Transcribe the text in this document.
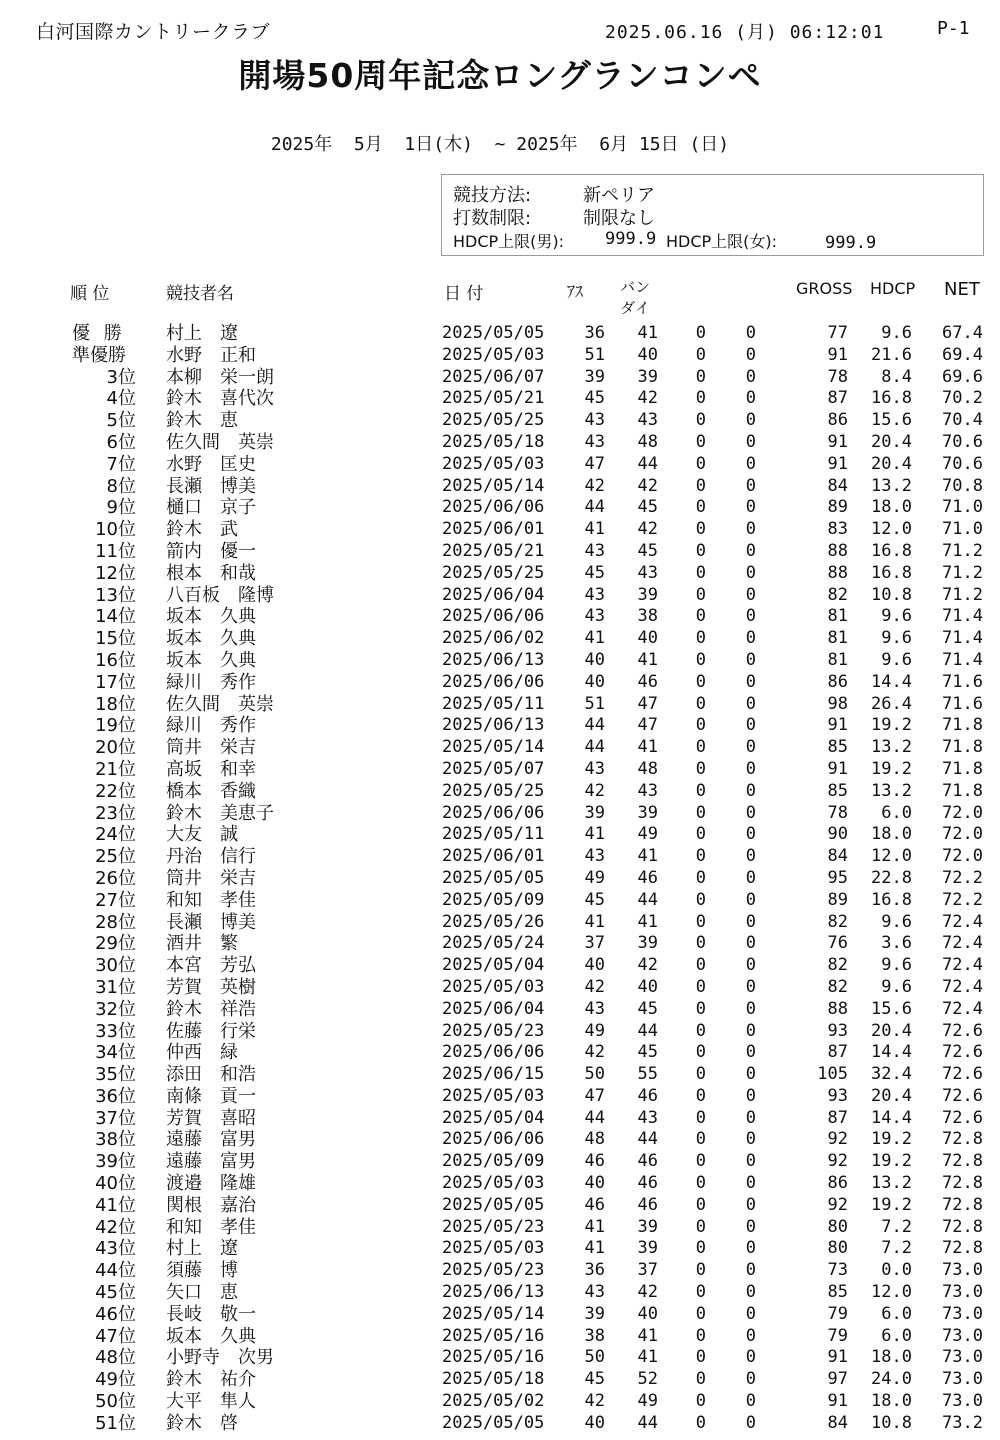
白河国際カントリークラブ	2025.06.16 (月) 06:12:01	P-1
開場50周年記念ロングランコンペ
2025年  5月  1日(木)  ~ 2025年  6月 15日 (日)
競技方法:	新ペリア
打数制限:	制限なし
HDCP上限(男): 999.9 HDCP上限(女):	999.9
順 位	競技者名	日 付	ｱｽ バン
ダイ
GROSS HDCP NET
優 勝 村上　遼	2025/05/05	36	41	0	0	77	9.6	67.4
準優勝 水野　正和	2025/05/03	51	40	0	0	91	21.6	69.4
3位 本柳　栄一朗	2025/06/07	39	39	0	0	78	8.4	69.6
4位 鈴木　喜代次	2025/05/21	45	42	0	0	87	16.8	70.2
5位 鈴木　恵	2025/05/25	43	43	0	0	86	15.6	70.4
6位 佐久間　英崇	2025/05/18	43	48	0	0	91	20.4	70.6
7位 水野　匡史	2025/05/03	47	44	0	0	91	20.4	70.6
8位 長瀬　博美	2025/05/14	42	42	0	0	84	13.2	70.8
9位 樋口　京子	2025/06/06	44	45	0	0	89	18.0	71.0
10位 鈴木　武	2025/06/01	41	42	0	0	83	12.0	71.0
11位 箭内　優一	2025/05/21	43	45	0	0	88	16.8	71.2
12位 根本　和哉	2025/05/25	45	43	0	0	88	16.8	71.2
13位 八百板　隆博	2025/06/04	43	39	0	0	82	10.8	71.2
14位 坂本　久典	2025/06/06	43	38	0	0	81	9.6	71.4
15位 坂本　久典	2025/06/02	41	40	0	0	81	9.6	71.4
16位 坂本　久典	2025/06/13	40	41	0	0	81	9.6	71.4
17位 緑川　秀作	2025/06/06	40	46	0	0	86	14.4	71.6
18位 佐久間　英崇	2025/05/11	51	47	0	0	98	26.4	71.6
19位 緑川　秀作	2025/06/13	44	47	0	0	91	19.2	71.8
20位 筒井　栄吉	2025/05/14	44	41	0	0	85	13.2	71.8
21位 高坂　和幸	2025/05/07	43	48	0	0	91	19.2	71.8
22位 橋本　香織	2025/05/25	42	43	0	0	85	13.2	71.8
23位 鈴木　美恵子	2025/06/06	39	39	0	0	78	6.0	72.0
24位 大友　誠	2025/05/11	41	49	0	0	90	18.0	72.0
25位 丹治　信行	2025/06/01	43	41	0	0	84	12.0	72.0
26位 筒井　栄吉	2025/05/05	49	46	0	0	95	22.8	72.2
27位 和知　孝佳	2025/05/09	45	44	0	0	89	16.8	72.2
28位 長瀬　博美	2025/05/26	41	41	0	0	82	9.6	72.4
29位 酒井　繁	2025/05/24	37	39	0	0	76	3.6	72.4
30位 本宮　芳弘	2025/05/04	40	42	0	0	82	9.6	72.4
31位 芳賀　英樹	2025/05/03	42	40	0	0	82	9.6	72.4
32位 鈴木　祥浩	2025/06/04	43	45	0	0	88	15.6	72.4
33位 佐藤　行栄	2025/05/23	49	44	0	0	93	20.4	72.6
34位 仲西　緑	2025/06/06	42	45	0	0	87	14.4	72.6
35位 添田　和浩	2025/06/15	50	55	0	0	105	32.4	72.6
36位 南條　貢一	2025/05/03	47	46	0	0	93	20.4	72.6
37位 芳賀　喜昭	2025/05/04	44	43	0	0	87	14.4	72.6
38位 遠藤　富男	2025/06/06	48	44	0	0	92	19.2	72.8
39位 遠藤　富男	2025/05/09	46	46	0	0	92	19.2	72.8
40位 渡邉　隆雄	2025/05/03	40	46	0	0	86	13.2	72.8
41位 関根　嘉治	2025/05/05	46	46	0	0	92	19.2	72.8
42位 和知　孝佳	2025/05/23	41	39	0	0	80	7.2	72.8
43位 村上　遼	2025/05/03	41	39	0	0	80	7.2	72.8
44位 須藤　博	2025/05/23	36	37	0	0	73	0.0	73.0
45位 矢口　恵	2025/06/13	43	42	0	0	85	12.0	73.0
46位 長岐　敬一	2025/05/14	39	40	0	0	79	6.0	73.0
47位 坂本　久典	2025/05/16	38	41	0	0	79	6.0	73.0
48位 小野寺　次男	2025/05/16	50	41	0	0	91	18.0	73.0
49位 鈴木　祐介	2025/05/18	45	52	0	0	97	24.0	73.0
50位 大平　隼人	2025/05/02	42	49	0	0	91	18.0	73.0
51位 鈴木　啓	2025/05/05	40	44	0	0	84	10.8	73.2
